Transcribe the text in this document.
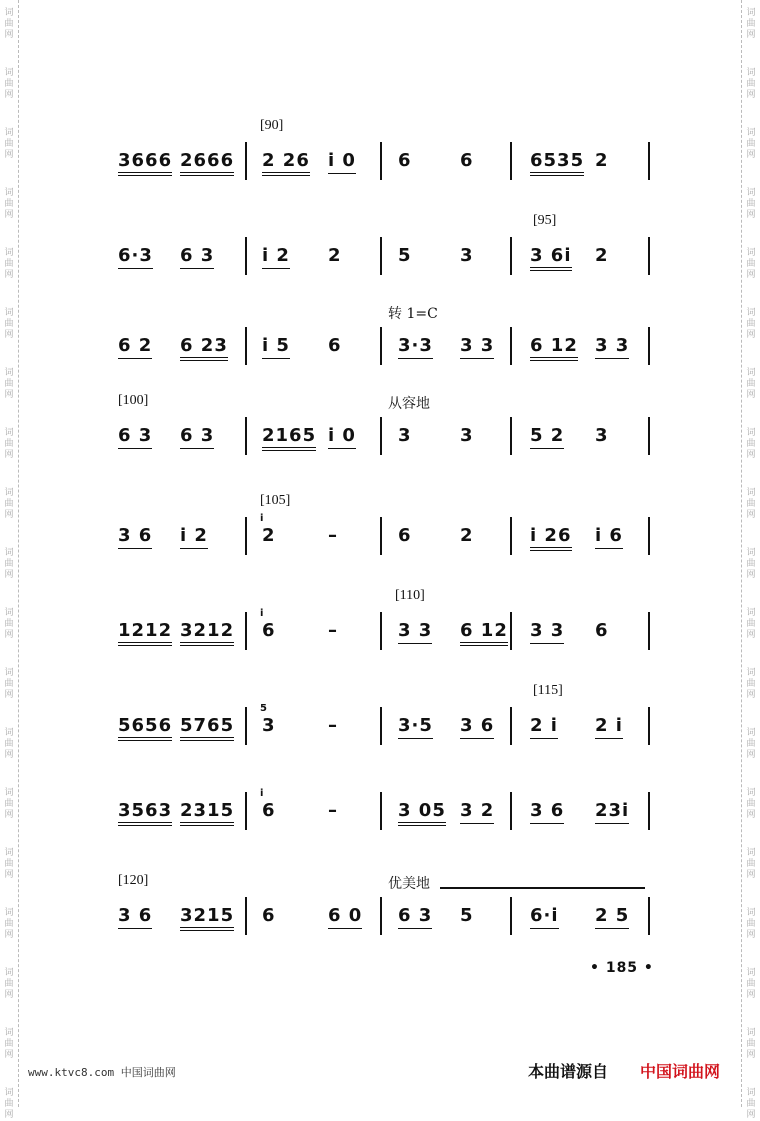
词
曲
网
词
曲
网
词
曲
网
词
曲
网
词
曲
网
词
曲
网
词
曲
网
词
曲
网
词
曲
网
词
曲
网
词
曲
网
词
曲
网
词
曲
网
词
曲
网
词
曲
网
词
曲
网
词
曲
网
词
曲
网
词
曲
网
词
曲
网
词
曲
网
词
曲
网
词
曲
网
词
曲
网
词
曲
网
词
曲
网
词
曲
网
词
曲
网
词
曲
网
词
曲
网
词
曲
网
词
曲
网
词
曲
网
词
曲
网
词
曲
网
词
曲
网
词
曲
网
词
曲
网
[90]
3666 2666 2 26 i 0 6	6	6535 2
[95]
6·3 6 3	i 2 2	5	3	3 6i 2
转 1=C
6 2 6 23 i 5 6	3·3 3 3 6 12 3 3
[100]	从容地
6 3 6 3	2165 i 0 3	3	5 2 3
[105]
3 6 i 2	2	–	6	2	i 26 i 6
i
[110]
1212 3212 6	–	3 3 6 12 3 3 6
i
[115]
5656 5765 3	–	3·5 3 6 2 i 2 i
5
3563 2315 6	–	3 05 3 2 3 6 23i
i
[120]	优美地
3 6 3215 6	6 0 6 3 5	6·i 2 5
• 185 •
www.ktvc8.com 中国词曲网	本曲谱源自 中国词曲网
